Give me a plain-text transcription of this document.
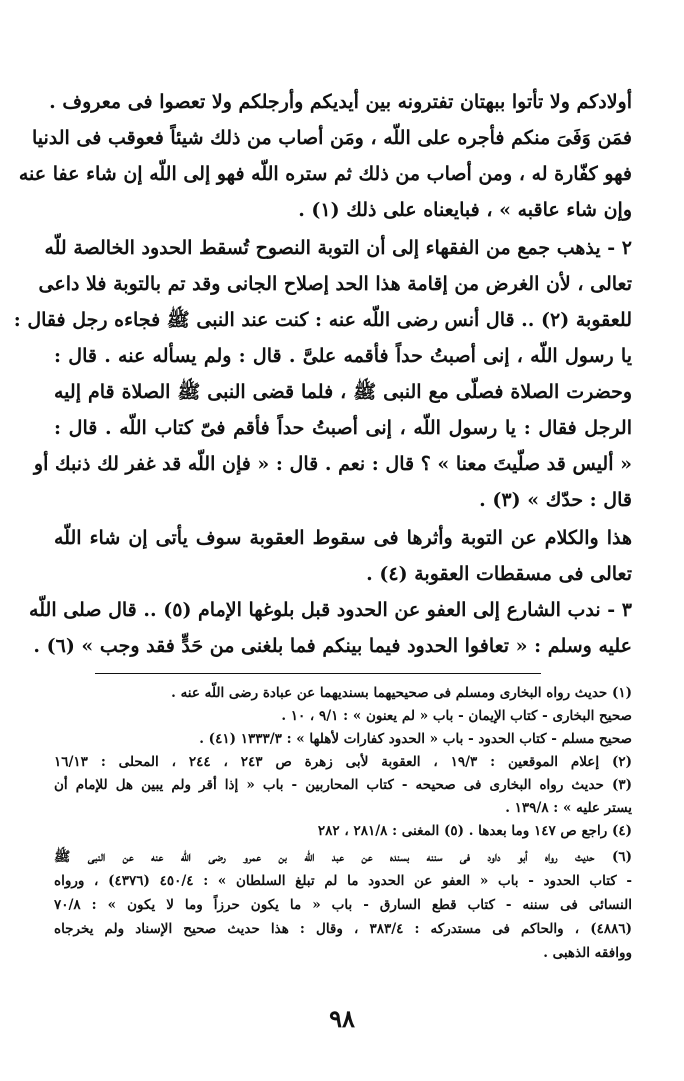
أولادكم ولا تأتوا ببهتان تفترونه بين أيديكم وأرجلكم ولا تعصوا فى معروف .

فمَن وَفَىَ منكم فأجره على اللّه ، ومَن أصاب من ذلك شيئاً فعوقب فى الدنيا

فهو كفّارة له ، ومن أصاب من ذلك ثم ستره اللّه فهو إلى اللّه إن شاء عفا عنه

وإن شاء عاقبه » ، فبايعناه على ذلك (١) .

٢ - يذهب جمع من الفقهاء إلى أن التوبة النصوح تُسقط الحدود الخالصة للّه

تعالى ، لأن الغرض من إقامة هذا الحد إصلاح الجانى وقد تم بالتوبة فلا داعى

للعقوبة (٢) .. قال أنس رضى اللّه عنه : كنت عند النبى ﷺ فجاءه رجل فقال :

يا رسول اللّه ، إنى أصبتُ حداً فأقمه علىَّ . قال : ولم يسأله عنه . قال :

وحضرت الصلاة فصلّى مع النبى ﷺ ، فلما قضى النبى ﷺ الصلاة قام إليه

الرجل فقال : يا رسول اللّه ، إنى أصبتُ حداً فأقم فىّ كتاب اللّه . قال :

« أليس قد صلّيتَ معنا » ؟ قال : نعم . قال : « فإن اللّه قد غفر لك ذنبك أو

قال : حدّك » (٣) .

هذا والكلام عن التوبة وأثرها فى سقوط العقوبة سوف يأتى إن شاء اللّه

تعالى فى مسقطات العقوبة (٤) .

٣ - ندب الشارع إلى العفو عن الحدود قبل بلوغها الإمام (٥) .. قال صلى اللّه

عليه وسلم : « تعافوا الحدود فيما بينكم فما بلغنى من حَدٍّ فقد وجب » (٦) .

(١) حديث رواه البخارى ومسلم فى صحيحيهما بسنديهما عن عبادة رضى اللّه عنه .

صحيح البخارى - كتاب الإيمان - باب « لم يعنون » : ٩/١ ، ١٠ .

صحيح مسلم - كتاب الحدود - باب « الحدود كفارات لأهلها » : ١٣٣٣/٣ (٤١) .

(٢) إعلام الموقعين : ١٩/٣ ، العقوبة لأبى زهرة ص ٢٤٣ ، ٢٤٤ ، المحلى : ١٦/١٣

(٣) حديث رواه البخارى فى صحيحه - كتاب المحاربين - باب « إذا أقر ولم يبين هل للإمام أن

يستر عليه » : ١٣٩/٨ .

(٤) راجع ص ١٤٧ وما بعدها . (٥) المغنى : ٢٨١/٨ ، ٢٨٢

(٦) حديث رواه أبو داود فى سننه بسنده عن عبد اللّه بن عمرو رضى اللّه عنه عن النبى ﷺ

- كتاب الحدود - باب « العفو عن الحدود ما لم تبلغ السلطان » : ٤٥٠/٤ (٤٣٧٦) ، ورواه

النسائى فى سننه - كتاب قطع السارق - باب « ما يكون حرزاً وما لا يكون » : ٧٠/٨

(٤٨٨٦) ، والحاكم فى مستدركه : ٣٨٣/٤ ، وقال : هذا حديث صحيح الإسناد ولم يخرجاه

ووافقه الذهبى .

٩٨
